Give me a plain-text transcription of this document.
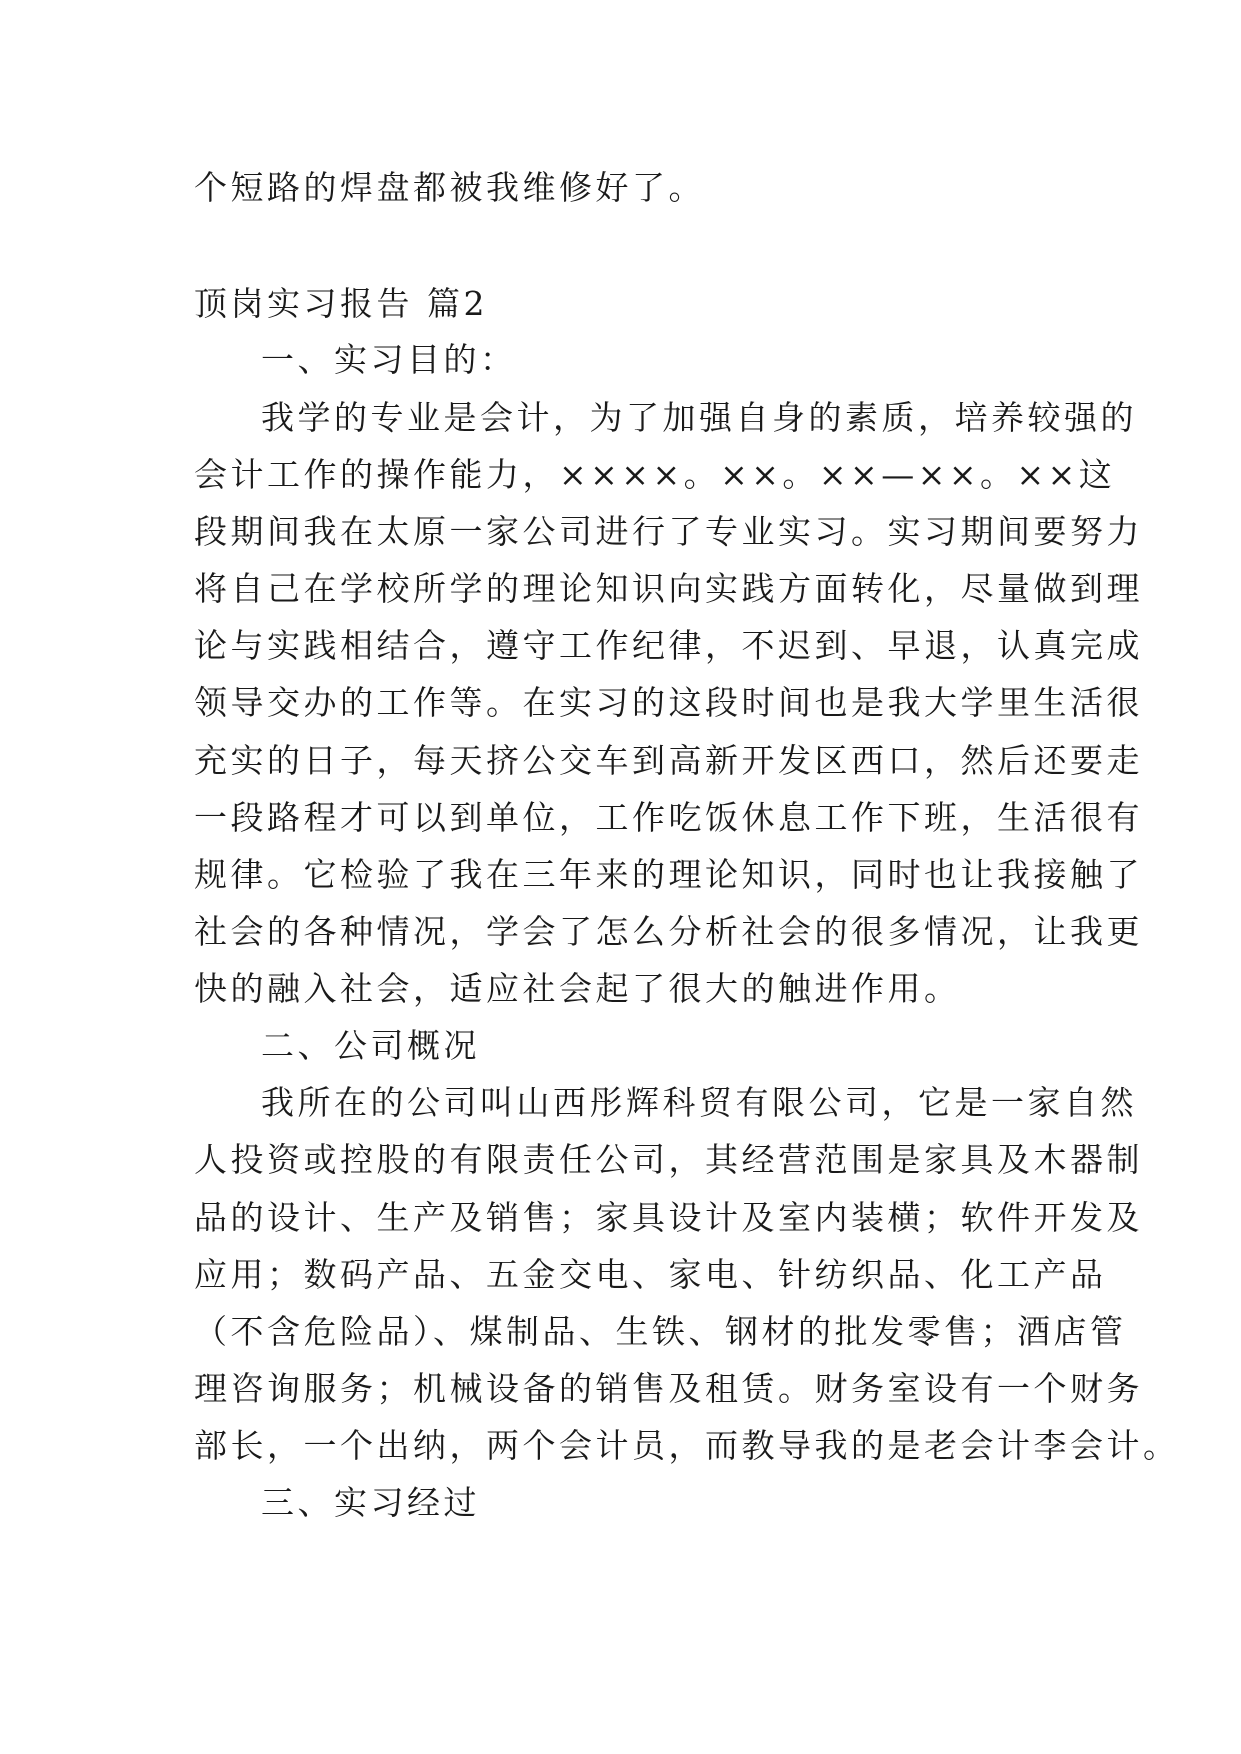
个短路的焊盘都被我维修好了。
顶岗实习报告 篇2
一、实习目的：
我学的专业是会计，为了加强自身的素质，培养较强的
会计工作的操作能力，××××。××。××—××。××这
段期间我在太原一家公司进行了专业实习。实习期间要努力
将自己在学校所学的理论知识向实践方面转化，尽量做到理
论与实践相结合，遵守工作纪律，不迟到、早退，认真完成
领导交办的工作等。在实习的这段时间也是我大学里生活很
充实的日子，每天挤公交车到高新开发区西口，然后还要走
一段路程才可以到单位，工作吃饭休息工作下班，生活很有
规律。它检验了我在三年来的理论知识，同时也让我接触了
社会的各种情况，学会了怎么分析社会的很多情况，让我更
快的融入社会，适应社会起了很大的触进作用。
二、公司概况
我所在的公司叫山西彤辉科贸有限公司，它是一家自然
人投资或控股的有限责任公司，其经营范围是家具及木器制
品的设计、生产及销售；家具设计及室内装横；软件开发及
应用；数码产品、五金交电、家电、针纺织品、化工产品
（不含危险品）、煤制品、生铁、钢材的批发零售；酒店管
理咨询服务；机械设备的销售及租赁。财务室设有一个财务
部长，一个出纳，两个会计员，而教导我的是老会计李会计。
三、实习经过
